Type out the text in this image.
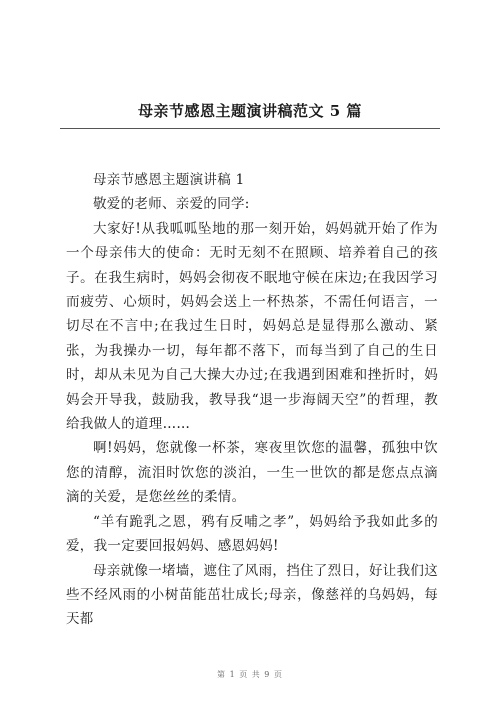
母亲节感恩主题演讲稿范文 5 篇

母亲节感恩主题演讲稿 1

敬爱的老师、亲爱的同学:

大家好!从我呱呱坠地的那一刻开始，妈妈就开始了作为一个母亲伟大的使命：无时无刻不在照顾、培养着自己的孩子。在我生病时，妈妈会彻夜不眠地守候在床边;在我因学习而疲劳、心烦时，妈妈会送上一杯热茶，不需任何语言，一切尽在不言中;在我过生日时，妈妈总是显得那么激动、紧张，为我操办一切，每年都不落下，而每当到了自己的生日时，却从未见为自己大操大办过;在我遇到困难和挫折时，妈妈会开导我，鼓励我，教导我“退一步海阔天空”的哲理，教给我做人的道理……

啊!妈妈，您就像一杯茶，寒夜里饮您的温馨，孤独中饮您的清醇，流泪时饮您的淡泊，一生一世饮的都是您点点滴滴的关爱，是您丝丝的柔情。

“羊有跪乳之恩，鸦有反哺之孝”，妈妈给予我如此多的爱，我一定要回报妈妈、感恩妈妈!

母亲就像一堵墙，遮住了风雨，挡住了烈日，好让我们这些不经风雨的小树苗能茁壮成长;母亲，像慈祥的乌妈妈，每天都

第 1 页 共 9 页
